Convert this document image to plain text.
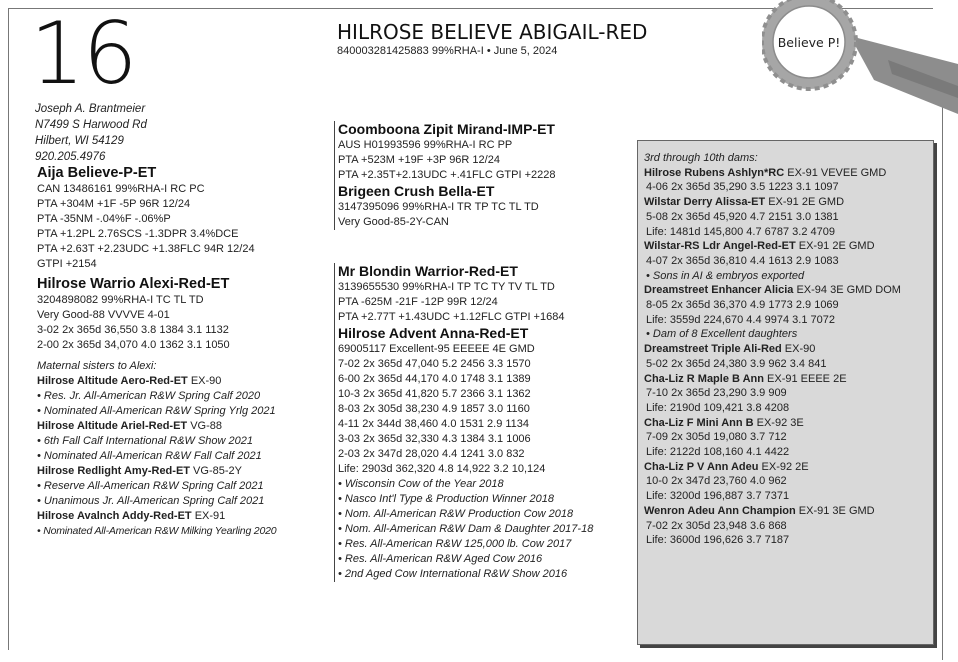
16
Joseph A. Brantmeier
N7499 S Harwood Rd
Hilbert, WI 54129
920.205.4976
HILROSE BELIEVE ABIGAIL-RED
840003281425883 99%RHA-I • June 5, 2024
Believe P!
Aija Believe-P-ET
CAN 13486161 99%RHA-I RC PC
PTA +304M +1F -5P 96R 12/24
PTA -35NM -.04%F -.06%P
PTA +1.2PL 2.76SCS -1.3DPR 3.4%DCE
PTA +2.63T +2.23UDC +1.38FLC 94R 12/24
GTPI +2154
Hilrose Warrio Alexi-Red-ET
3204898082 99%RHA-I TC TL TD
Very Good-88 VVVVE 4-01
3-02 2x 365d 36,550 3.8 1384 3.1 1132
2-00 2x 365d 34,070 4.0 1362 3.1 1050
Maternal sisters to Alexi:
Hilrose Altitude Aero-Red-ET EX-90
• Res. Jr. All-American R&W Spring Calf 2020
• Nominated All-American R&W Spring Yrlg 2021
Hilrose Altitude Ariel-Red-ET VG-88
• 6th Fall Calf International R&W Show 2021
• Nominated All-American R&W Fall Calf 2021
Hilrose Redlight Amy-Red-ET VG-85-2Y
• Reserve All-American R&W Spring Calf 2021
• Unanimous Jr. All-American Spring Calf 2021
Hilrose Avalnch Addy-Red-ET EX-91
• Nominated All-American R&W Milking Yearling 2020
Coomboona Zipit Mirand-IMP-ET
AUS H01993596 99%RHA-I RC PP
PTA +523M +19F +3P 96R 12/24
PTA +2.35T+2.13UDC +.41FLC GTPI +2228
Brigeen Crush Bella-ET
3147395096 99%RHA-I TR TP TC TL TD
Very Good-85-2Y-CAN
Mr Blondin Warrior-Red-ET
3139655530 99%RHA-I TP TC TY TV TL TD
PTA -625M -21F -12P 99R 12/24
PTA +2.77T +1.43UDC +1.12FLC GTPI +1684
Hilrose Advent Anna-Red-ET
69005117 Excellent-95 EEEEE 4E GMD
7-02 2x 365d 47,040 5.2 2456 3.3 1570
6-00 2x 365d 44,170 4.0 1748 3.1 1389
10-3 2x 365d 41,820 5.7 2366 3.1 1362
8-03 2x 305d 38,230 4.9 1857 3.0 1160
4-11 2x 344d 38,460 4.0 1531 2.9 1134
3-03 2x 365d 32,330 4.3 1384 3.1 1006
2-03 2x 347d 28,020 4.4 1241 3.0 832
Life: 2903d 362,320 4.8 14,922 3.2 10,124
• Wisconsin Cow of the Year 2018
• Nasco Int'l Type & Production Winner 2018
• Nom. All-American R&W Production Cow 2018
• Nom. All-American R&W Dam & Daughter 2017-18
• Res. All-American R&W 125,000 lb. Cow 2017
• Res. All-American R&W Aged Cow 2016
• 2nd Aged Cow International R&W Show 2016
3rd through 10th dams:
Hilrose Rubens Ashlyn*RC EX-91 VEVEE GMD
4-06 2x 365d 35,290 3.5 1223 3.1 1097
Wilstar Derry Alissa-ET EX-91 2E GMD
5-08 2x 365d 45,920 4.7 2151 3.0 1381
Life: 1481d 145,800 4.7 6787 3.2 4709
Wilstar-RS Ldr Angel-Red-ET EX-91 2E GMD
4-07 2x 365d 36,810 4.4 1613 2.9 1083
• Sons in AI & embryos exported
Dreamstreet Enhancer Alicia EX-94 3E GMD DOM
8-05 2x 365d 36,370 4.9 1773 2.9 1069
Life: 3559d 224,670 4.4 9974 3.1 7072
• Dam of 8 Excellent daughters
Dreamstreet Triple Ali-Red EX-90
5-02 2x 365d 24,380 3.9 962 3.4 841
Cha-Liz R Maple B Ann EX-91 EEEE 2E
7-10 2x 365d 23,290 3.9 909
Life: 2190d 109,421 3.8 4208
Cha-Liz F Mini Ann B EX-92 3E
7-09 2x 305d 19,080 3.7 712
Life: 2122d 108,160 4.1 4422
Cha-Liz P V Ann Adeu EX-92 2E
10-0 2x 347d 23,760 4.0 962
Life: 3200d 196,887 3.7 7371
Wenron Adeu Ann Champion EX-91 3E GMD
7-02 2x 305d 23,948 3.6 868
Life: 3600d 196,626 3.7 7187
